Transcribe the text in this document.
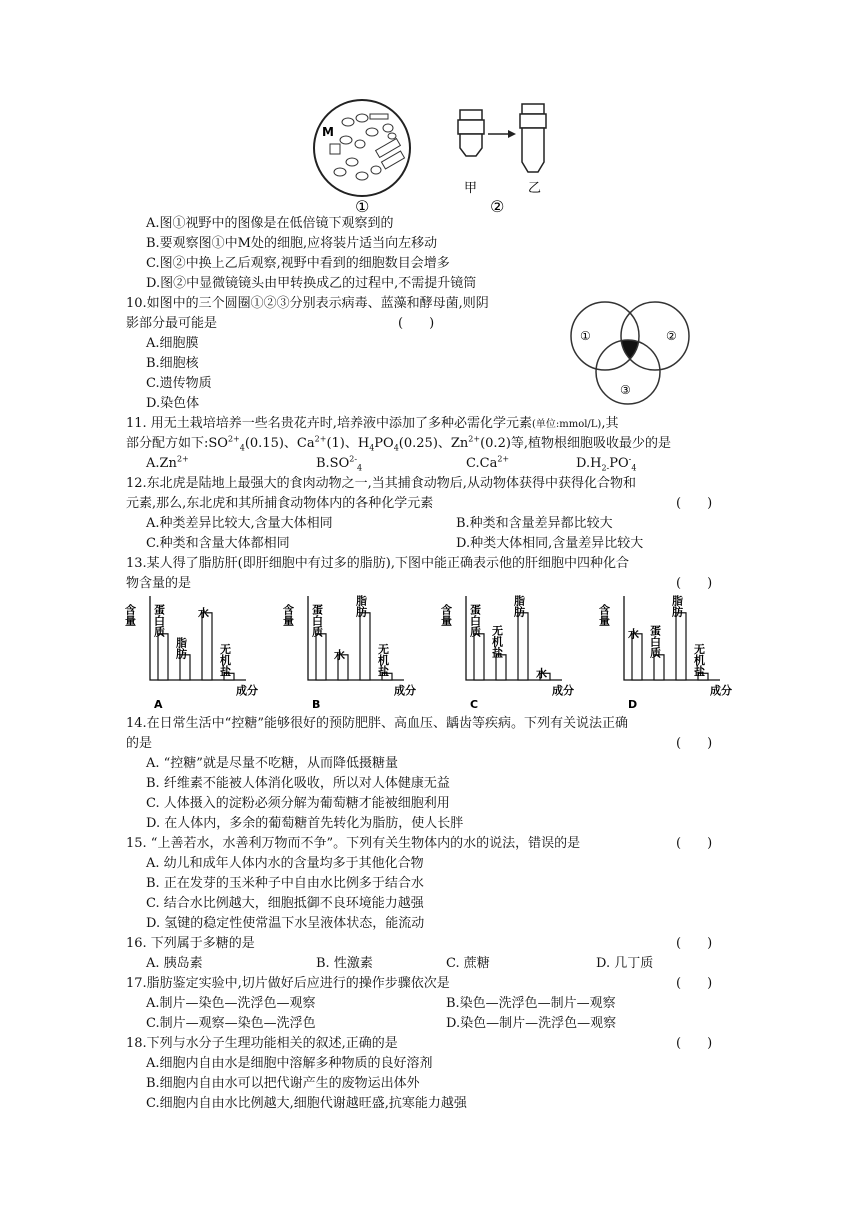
M
①
甲	乙
②
A.图①视野中的图像是在低倍镜下观察到的
B.要观察图①中M处的细胞,应将装片适当向左移动
C.图②中换上乙后观察,视野中看到的细胞数目会增多
D.图②中显微镜镜头由甲转换成乙的过程中,不需提升镜筒
10.如图中的三个圆圈①②③分别表示病毒、蓝藻和酵母菌,则阴
影部分最可能是	(　　)
A.细胞膜
B.细胞核
C.遗传物质
D.染色体
①	②
③
11. 用无土栽培培养一些名贵花卉时,培养液中添加了多种必需化学元素(单位:mmol/L),其
部分配方如下$:SO^{2+}_4(0.15)$、$Ca^{2+}(1)$、$H_4PO_4(0.25)$、$Zn^{2+}(0.2)$等,植物根细胞吸收最少的是
$A.Zn^{2+}$	$B.SO^{2-}_4$	$C.Ca^{2+}$	$D.H_{2-}PO^-_4$
12.东北虎是陆地上最强大的食肉动物之一,当其捕食动物后,从动物体获得中获得化合物和
元素,那么,东北虎和其所捕食动物体内的各种化学元素	(　　)
A.种类差异比较大,含量大体相同	B.种类和含量差异都比较大
C.种类和含量大体都相同	D.种类大体相同,含量差异比较大
13.某人得了脂肪肝(即肝细胞中有过多的脂肪),下图中能正确表示他的肝细胞中四种化合
物含量的是	(　　)
含量
成分
蛋白质
脂肪
水
无机盐
A
含量
成分
蛋白质
水
脂肪
无机盐
B
含量
成分
蛋白质
无机盐
脂肪
水
C
含量
成分
水 蛋白质
脂肪
无机盐
D
14.在日常生活中“控糖”能够很好的预防肥胖、高血压、龋齿等疾病。下列有关说法正确
的是	(　　)
A. “控糖”就是尽量不吃糖，从而降低摄糖量
B. 纤维素不能被人体消化吸收，所以对人体健康无益
C. 人体摄入的淀粉必须分解为葡萄糖才能被细胞利用
D. 在人体内，多余的葡萄糖首先转化为脂肪，使人长胖
15. “上善若水，水善利万物而不争”。下列有关生物体内的水的说法，错误的是	(　　)
A. 幼儿和成年人体内水的含量均多于其他化合物
B. 正在发芽的玉米种子中自由水比例多于结合水
C. 结合水比例越大，细胞抵御不良环境能力越强
D. 氢键的稳定性使常温下水呈液体状态，能流动
16. 下列属于多糖的是	(　　)
A. 胰岛素	B. 性激素	C. 蔗糖	D. 几丁质
17.脂肪鉴定实验中,切片做好后应进行的操作步骤依次是	(　　)
A.制片—染色—洗浮色—观察	B.染色—洗浮色—制片—观察
C.制片—观察—染色—洗浮色	D.染色—制片—洗浮色—观察
18.下列与水分子生理功能相关的叙述,正确的是	(　　)
A.细胞内自由水是细胞中溶解多种物质的良好溶剂
B.细胞内自由水可以把代谢产生的废物运出体外
C.细胞内自由水比例越大,细胞代谢越旺盛,抗寒能力越强
